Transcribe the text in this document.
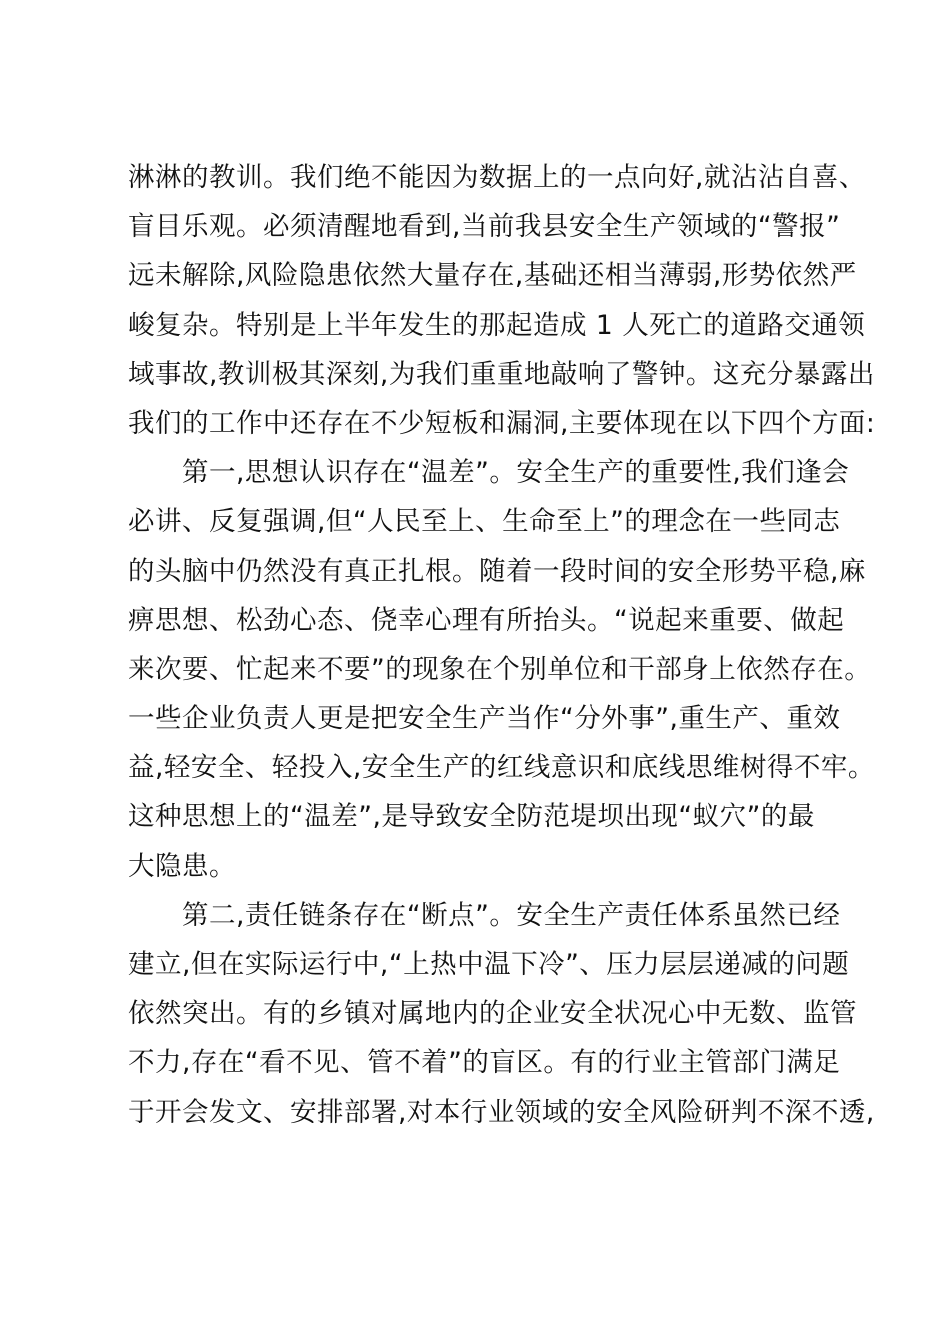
淋淋的教训。我们绝不能因为数据上的一点向好,就沾沾自喜、
盲目乐观。必须清醒地看到,当前我县安全生产领域的“警报”
远未解除,风险隐患依然大量存在,基础还相当薄弱,形势依然严
峻复杂。特别是上半年发生的那起造成 1 人死亡的道路交通领
域事故,教训极其深刻,为我们重重地敲响了警钟。这充分暴露出
我们的工作中还存在不少短板和漏洞,主要体现在以下四个方面:
第一,思想认识存在“温差”。安全生产的重要性,我们逢会
必讲、反复强调,但“人民至上、生命至上”的理念在一些同志
的头脑中仍然没有真正扎根。随着一段时间的安全形势平稳,麻
痹思想、松劲心态、侥幸心理有所抬头。“说起来重要、做起
来次要、忙起来不要”的现象在个别单位和干部身上依然存在。
一些企业负责人更是把安全生产当作“分外事”,重生产、重效
益,轻安全、轻投入,安全生产的红线意识和底线思维树得不牢。
这种思想上的“温差”,是导致安全防范堤坝出现“蚁穴”的最
大隐患。
第二,责任链条存在“断点”。安全生产责任体系虽然已经
建立,但在实际运行中,“上热中温下冷”、压力层层递减的问题
依然突出。有的乡镇对属地内的企业安全状况心中无数、监管
不力,存在“看不见、管不着”的盲区。有的行业主管部门满足
于开会发文、安排部署,对本行业领域的安全风险研判不深不透,
